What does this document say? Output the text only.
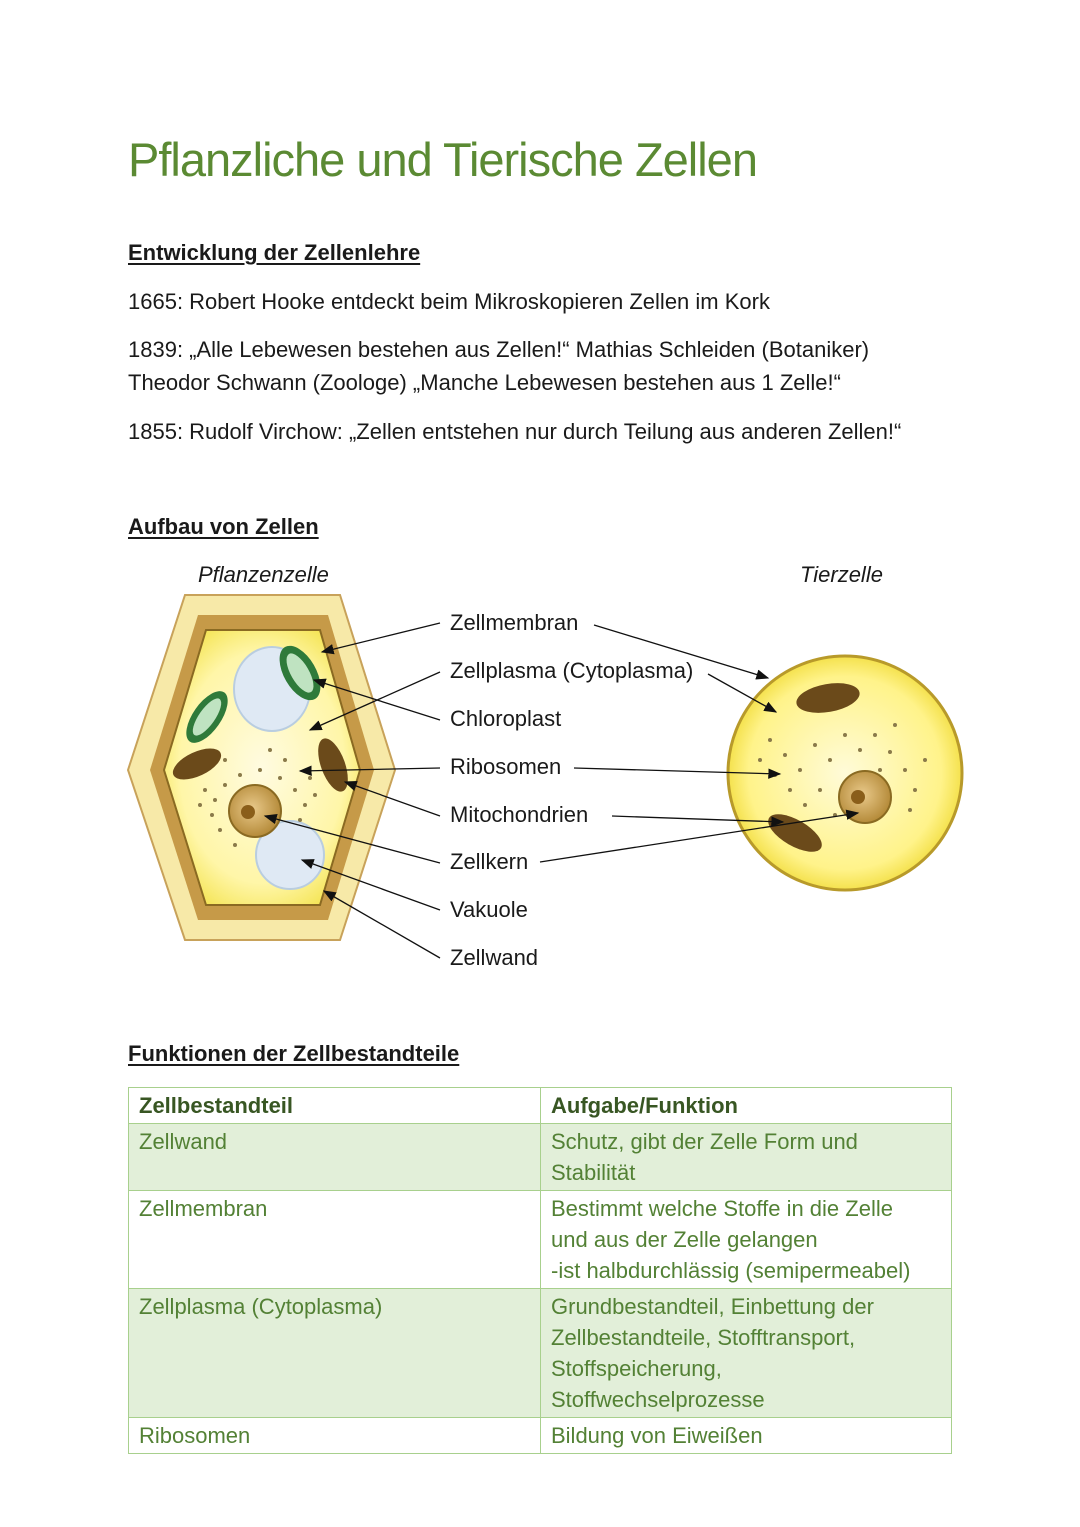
Pflanzliche und Tierische Zellen
Entwicklung der Zellenlehre
1665: Robert Hooke entdeckt beim Mikroskopieren Zellen im Kork
1839: „Alle Lebewesen bestehen aus Zellen!“ Mathias Schleiden (Botaniker)
Theodor Schwann (Zoologe) „Manche Lebewesen bestehen aus 1 Zelle!“
1855: Rudolf Virchow: „Zellen entstehen nur durch Teilung aus anderen Zellen!“
Aufbau von Zellen
Pflanzenzelle	Tierzelle
Zellmembran
Zellplasma (Cytoplasma)
Chloroplast
Ribosomen
Mitochondrien
Zellkern
Vakuole
Zellwand
Funktionen der Zellbestandteile
Zellbestandteil	Aufgabe/Funktion
Zellwand	Schutz, gibt der Zelle Form und
Stabilität

Zellmembran	Bestimmt welche Stoffe in die Zelle
und aus der Zelle gelangen
-ist halbdurchlässig (semipermeabel)

Zellplasma (Cytoplasma)	Grundbestandteil, Einbettung der
Zellbestandteile, Stofftransport,
Stoffspeicherung,
Stoffwechselprozesse

Ribosomen	Bildung von Eiweißen
